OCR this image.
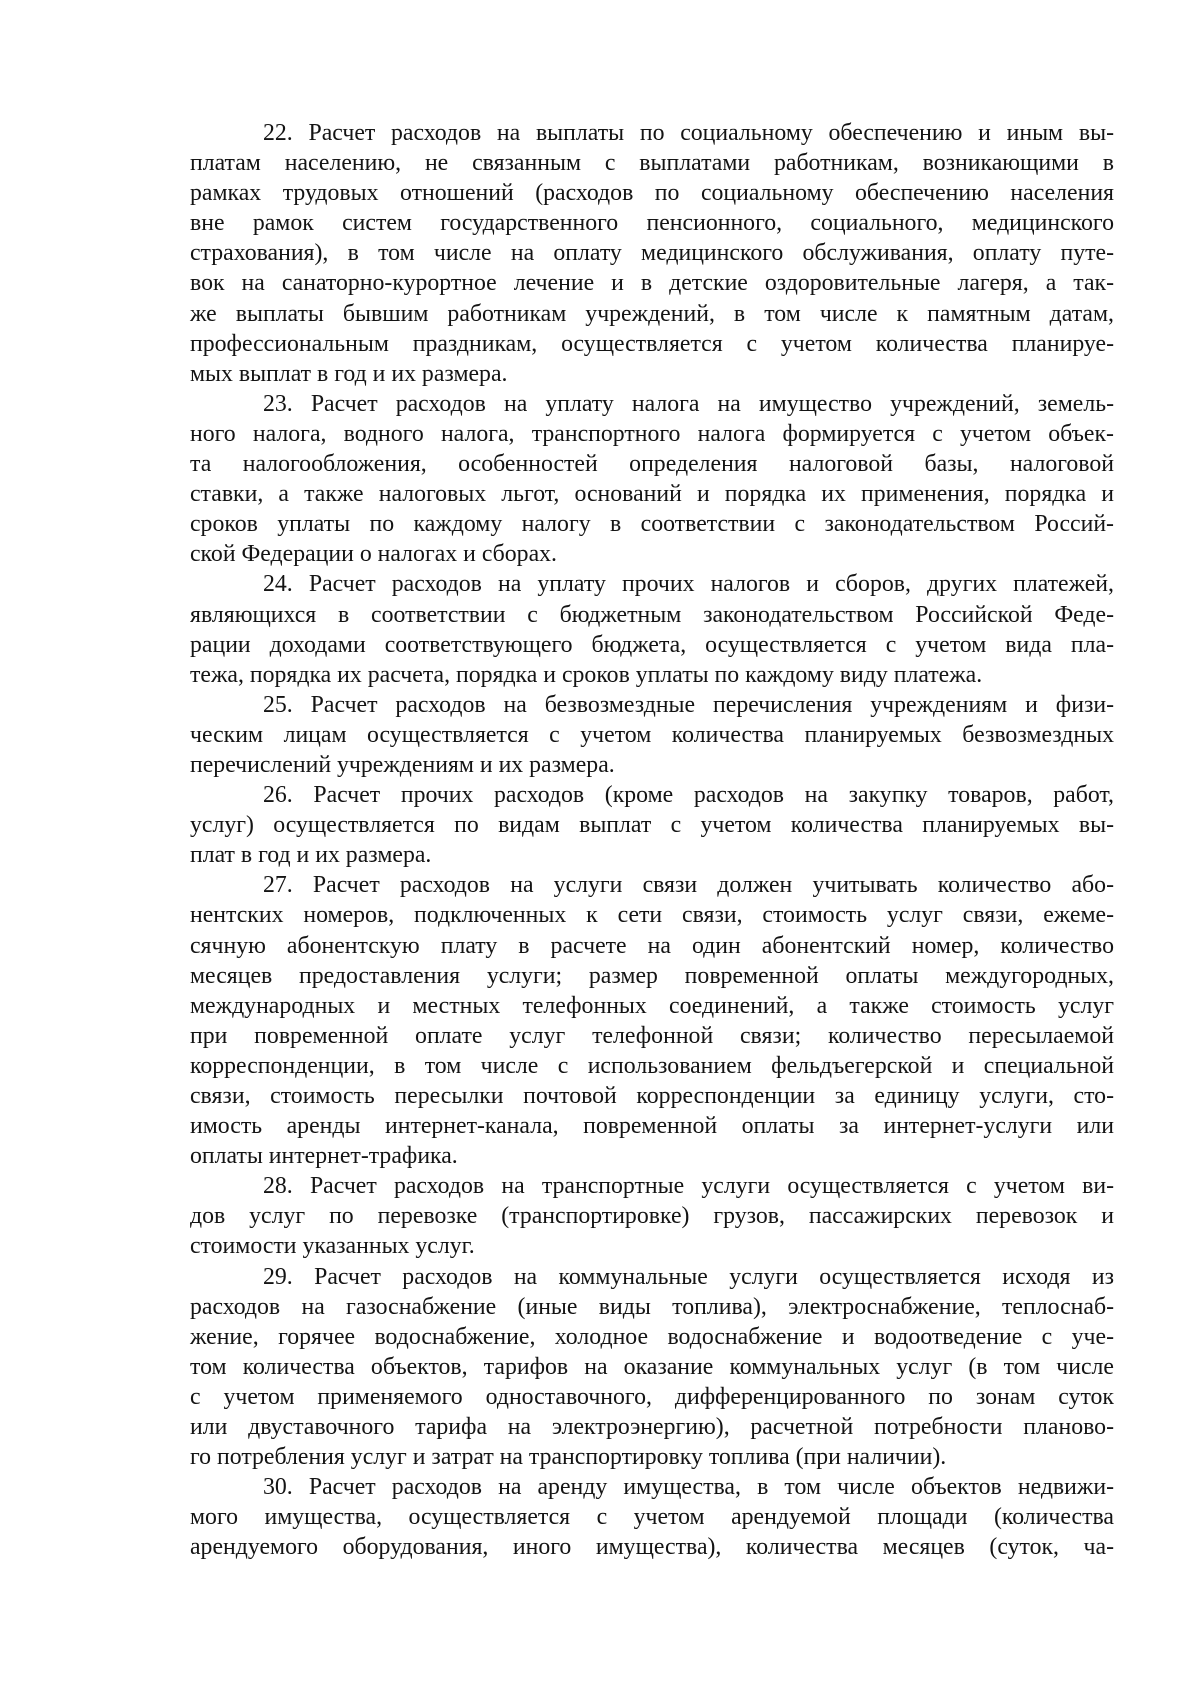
22. Расчет расходов на выплаты по социальному обеспечению и иным вы-
платам населению, не связанным с выплатами работникам, возникающими в
рамках трудовых отношений (расходов по социальному обеспечению населения
вне рамок систем государственного пенсионного, социального, медицинского
страхования), в том числе на оплату медицинского обслуживания, оплату путе-
вок на санаторно-курортное лечение и в детские оздоровительные лагеря, а так-
же выплаты бывшим работникам учреждений, в том числе к памятным датам,
профессиональным праздникам, осуществляется с учетом количества планируе-
мых выплат в год и их размера.

23. Расчет расходов на уплату налога на имущество учреждений, земель-
ного налога, водного налога, транспортного налога формируется с учетом объек-
та налогообложения, особенностей определения налоговой базы, налоговой
ставки, а также налоговых льгот, оснований и порядка их применения, порядка и
сроков уплаты по каждому налогу в соответствии с законодательством Россий-
ской Федерации о налогах и сборах.

24. Расчет расходов на уплату прочих налогов и сборов, других платежей,
являющихся в соответствии с бюджетным законодательством Российской Феде-
рации доходами соответствующего бюджета, осуществляется с учетом вида пла-
тежа, порядка их расчета, порядка и сроков уплаты по каждому виду платежа.

25. Расчет расходов на безвозмездные перечисления учреждениям и физи-
ческим лицам осуществляется с учетом количества планируемых безвозмездных
перечислений учреждениям и их размера.

26. Расчет прочих расходов (кроме расходов на закупку товаров, работ,
услуг) осуществляется по видам выплат с учетом количества планируемых вы-
плат в год и их размера.

27. Расчет расходов на услуги связи должен учитывать количество або-
нентских номеров, подключенных к сети связи, стоимость услуг связи, ежеме-
сячную абонентскую плату в расчете на один абонентский номер, количество
месяцев предоставления услуги; размер повременной оплаты междугородных,
международных и местных телефонных соединений, а также стоимость услуг
при повременной оплате услуг телефонной связи; количество пересылаемой
корреспонденции, в том числе с использованием фельдъегерской и специальной
связи, стоимость пересылки почтовой корреспонденции за единицу услуги, сто-
имость аренды интернет-канала, повременной оплаты за интернет-услуги или
оплаты интернет-трафика.

28. Расчет расходов на транспортные услуги осуществляется с учетом ви-
дов услуг по перевозке (транспортировке) грузов, пассажирских перевозок и
стоимости указанных услуг.

29. Расчет расходов на коммунальные услуги осуществляется исходя из
расходов на газоснабжение (иные виды топлива), электроснабжение, теплоснаб-
жение, горячее водоснабжение, холодное водоснабжение и водоотведение с уче-
том количества объектов, тарифов на оказание коммунальных услуг (в том числе
с учетом применяемого одноставочного, дифференцированного по зонам суток
или двуставочного тарифа на электроэнергию), расчетной потребности планово-
го потребления услуг и затрат на транспортировку топлива (при наличии).

30. Расчет расходов на аренду имущества, в том числе объектов недвижи-
мого имущества, осуществляется с учетом арендуемой площади (количества
арендуемого оборудования, иного имущества), количества месяцев (суток, ча-
